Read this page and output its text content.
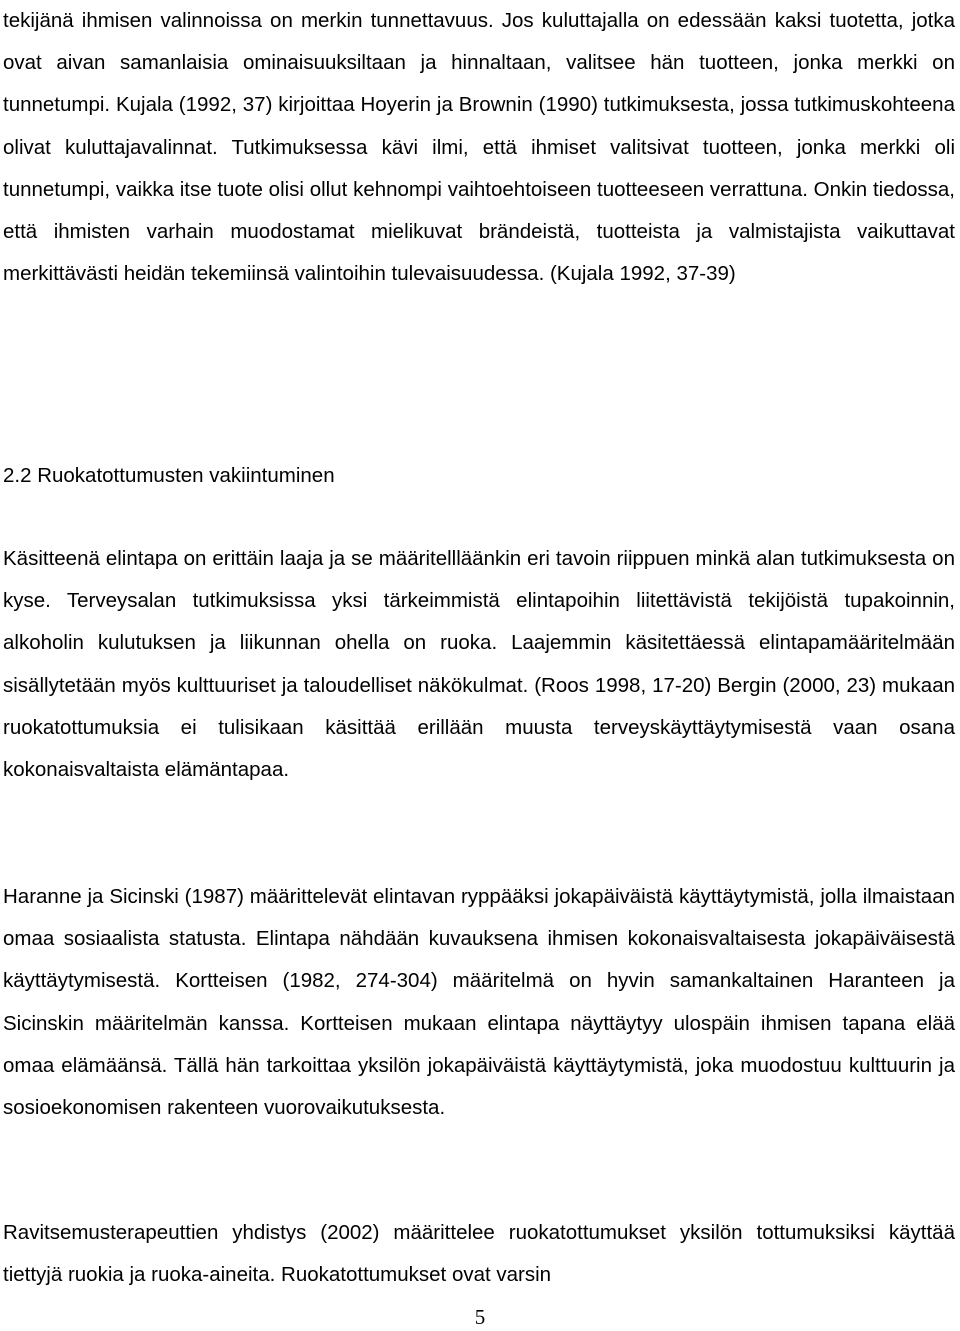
tekijänä ihmisen valinnoissa on merkin tunnettavuus. Jos kuluttajalla on edessään kaksi tuotetta, jotka ovat aivan samanlaisia ominaisuuksiltaan ja hinnaltaan, valitsee hän tuotteen, jonka merkki on tunnetumpi. Kujala (1992, 37) kirjoittaa Hoyerin ja Brownin (1990) tutkimuksesta, jossa tutkimuskohteena olivat kuluttajavalinnat. Tutkimuksessa kävi ilmi, että ihmiset valitsivat tuotteen, jonka merkki oli tunnetumpi, vaikka itse tuote olisi ollut kehnompi vaihtoehtoiseen tuotteeseen verrattuna. Onkin tiedossa, että ihmisten varhain muodostamat mielikuvat brändeistä, tuotteista ja valmistajista vaikuttavat merkittävästi heidän tekemiinsä valintoihin tulevaisuudessa. (Kujala 1992, 37-39)

2.2 Ruokatottumusten vakiintuminen

Käsitteenä elintapa on erittäin laaja ja se määritellläänkin eri tavoin riippuen minkä alan tutkimuksesta on kyse. Terveysalan tutkimuksissa yksi tärkeimmistä elintapoihin liitettävistä tekijöistä tupakoinnin, alkoholin kulutuksen ja liikunnan ohella on ruoka. Laajemmin käsitettäessä elintapamääritelmään sisällytetään myös kulttuuriset ja taloudelliset näkökulmat. (Roos 1998, 17-20) Bergin (2000, 23) mukaan ruokatottumuksia ei tulisikaan käsittää erillään muusta terveyskäyttäytymisestä vaan osana kokonaisvaltaista elämäntapaa.

Haranne ja Sicinski (1987) määrittelevät elintavan ryppääksi jokapäiväistä käyttäytymistä, jolla ilmaistaan omaa sosiaalista statusta. Elintapa nähdään kuvauksena ihmisen kokonaisvaltaisesta jokapäiväisestä käyttäytymisestä. Kortteisen (1982, 274-304) määritelmä on hyvin samankaltainen Haranteen ja Sicinskin määritelmän kanssa. Kortteisen mukaan elintapa näyttäytyy ulospäin ihmisen tapana elää omaa elämäänsä. Tällä hän tarkoittaa yksilön jokapäiväistä käyttäytymistä, joka muodostuu kulttuurin ja sosioekonomisen rakenteen vuorovaikutuksesta.

Ravitsemusterapeuttien yhdistys (2002) määrittelee ruokatottumukset yksilön tottumuksiksi käyttää tiettyjä ruokia ja ruoka-aineita. Ruokatottumukset ovat varsin

5
